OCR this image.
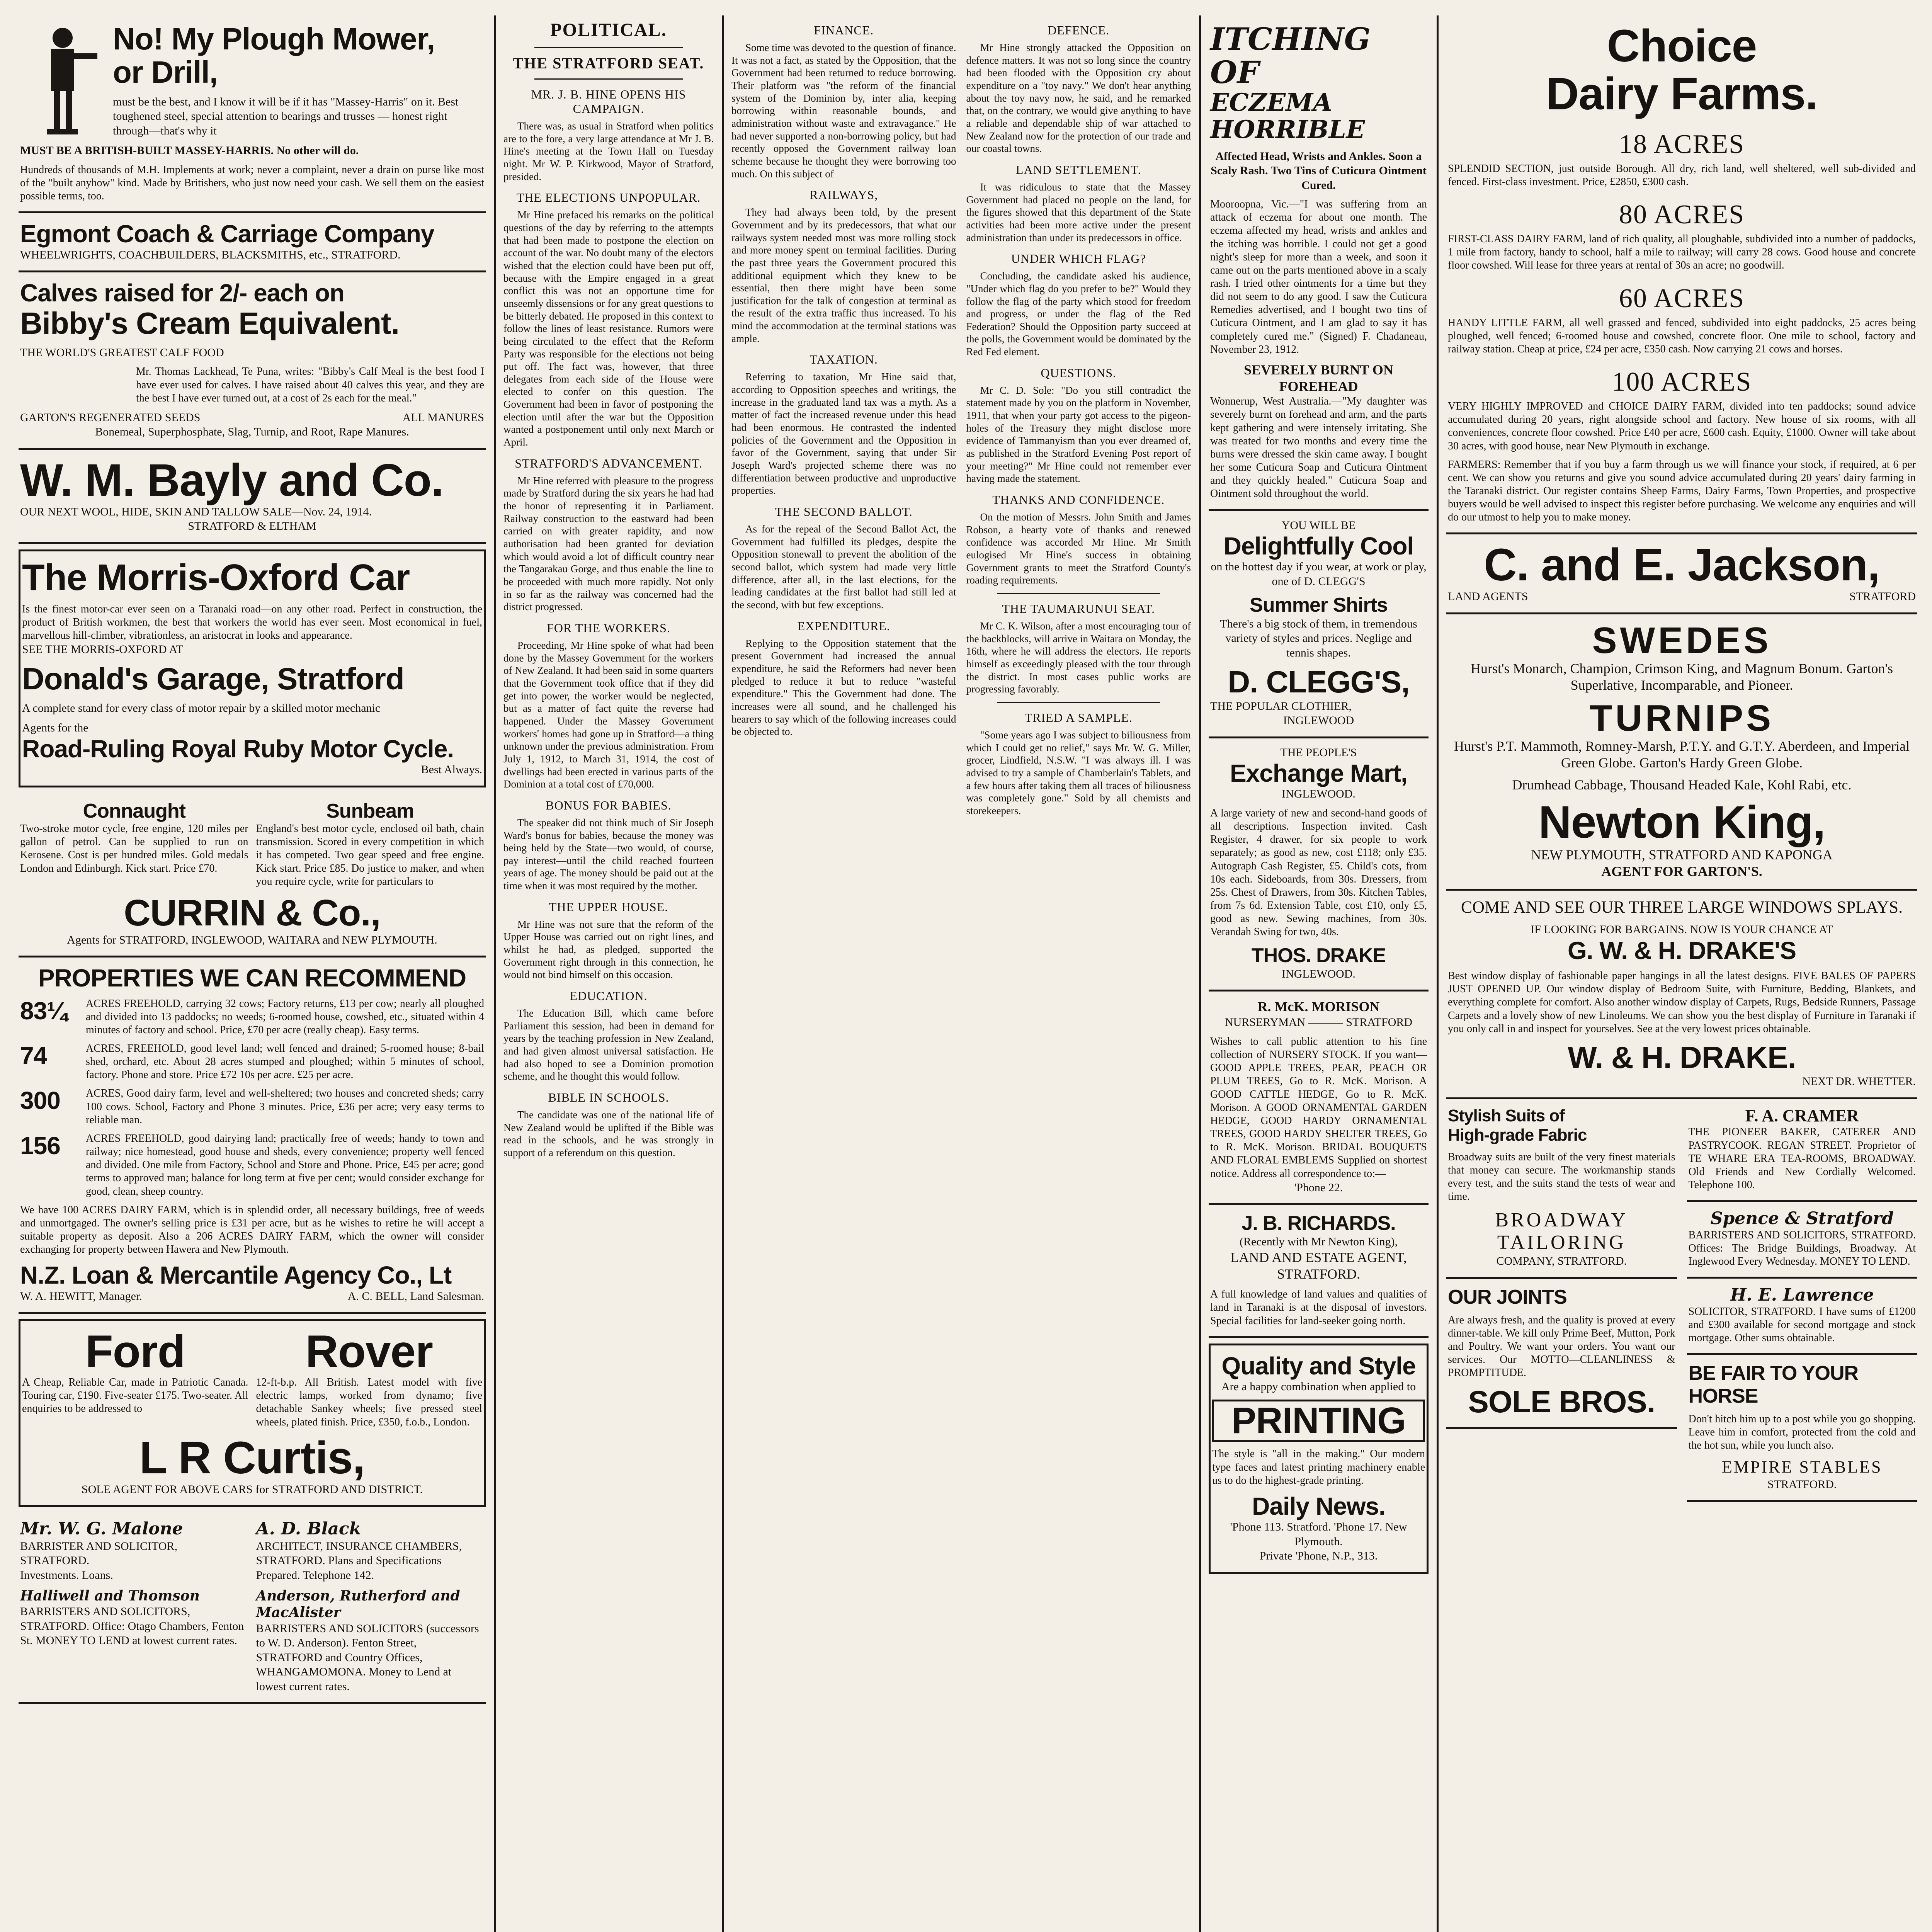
No! My Plough Mower,
or Drill,
must be the best, and I know it will be if it has "Massey-Harris" on it. Best toughened steel, special attention to bearings and trusses — honest right through—that's why it
MUST BE A BRITISH-BUILT MASSEY-HARRIS. No other will do.
Hundreds of thousands of M.H. Implements at work; never a complaint, never a drain on purse like most of the "built anyhow" kind. Made by Britishers, who just now need your cash. We sell them on the easiest possible terms, too.
Egmont Coach & Carriage Company
WHEELWRIGHTS, COACHBUILDERS, BLACKSMITHS, etc., STRATFORD.
Calves raised for 2/- each on
Bibby's Cream Equivalent.
THE WORLD'S GREATEST CALF FOOD
Mr. Thomas Lackhead, Te Puna, writes: "Bibby's Calf Meal is the best food I have ever used for calves. I have raised about 40 calves this year, and they are the best I have ever turned out, at a cost of 2s each for the meal."
GARTON'S REGENERATED SEEDS	ALL MANURES
Bonemeal, Superphosphate, Slag, Turnip, and Root, Rape Manures.
W. M. Bayly and Co.
OUR NEXT WOOL, HIDE, SKIN AND TALLOW SALE—Nov. 24, 1914.
STRATFORD & ELTHAM
The Morris-Oxford Car
Is the finest motor-car ever seen on a Taranaki road—on any other road. Perfect in construction, the product of British workmen, the best that workers the world has ever seen. Most economical in fuel, marvellous hill-climber, vibrationless, an aristocrat in looks and appearance.
SEE THE MORRIS-OXFORD AT
Donald's Garage, Stratford
A complete stand for every class of motor repair by a skilled motor mechanic
Agents for the
Road-Ruling Royal Ruby Motor Cycle.
Best Always.
Connaught
Two-stroke motor cycle, free engine, 120 miles per gallon of petrol. Can be supplied to run on Kerosene. Cost is per hundred miles. Gold medals London and Edinburgh. Kick start. Price £70.
Sunbeam
England's best motor cycle, enclosed oil bath, chain transmission. Scored in every competition in which it has competed. Two gear speed and free engine. Kick start. Price £85. Do justice to maker, and when you require cycle, write for particulars to
CURRIN & Co.,
Agents for STRATFORD, INGLEWOOD, WAITARA and NEW PLYMOUTH.
PROPERTIES WE CAN RECOMMEND
83¼	ACRES FREEHOLD, carrying 32 cows; Factory returns, £13 per cow; nearly all ploughed and divided into 13 paddocks; no weeds; 6-roomed house, cowshed, etc., situated within 4 minutes of factory and school. Price, £70 per acre (really cheap). Easy terms.
74	ACRES, FREEHOLD, good level land; well fenced and drained; 5-roomed house; 8-bail shed, orchard, etc. About 28 acres stumped and ploughed; within 5 minutes of school, factory. Phone and store. Price £72 10s per acre. £25 per acre.
300	ACRES, Good dairy farm, level and well-sheltered; two houses and concreted sheds; carry 100 cows. School, Factory and Phone 3 minutes. Price, £36 per acre; very easy terms to reliable man.
156	ACRES FREEHOLD, good dairying land; practically free of weeds; handy to town and railway; nice homestead, good house and sheds, every convenience; property well fenced and divided. One mile from Factory, School and Store and Phone. Price, £45 per acre; good terms to approved man; balance for long term at five per cent; would consider exchange for good, clean, sheep country.
We have 100 ACRES DAIRY FARM, which is in splendid order, all necessary buildings, free of weeds and unmortgaged. The owner's selling price is £31 per acre, but as he wishes to retire he will accept a suitable property as deposit. Also a 206 ACRES DAIRY FARM, which the owner will consider exchanging for property between Hawera and New Plymouth.
N.Z. Loan & Mercantile Agency Co., Lt
W. A. HEWITT, Manager.	A. C. BELL, Land Salesman.
Ford
A Cheap, Reliable Car, made in Patriotic Canada. Touring car, £190. Five-seater £175. Two-seater. All enquiries to be addressed to
Rover
12-ft-b.p. All British. Latest model with five electric lamps, worked from dynamo; five detachable Sankey wheels; five pressed steel wheels, plated finish. Price, £350, f.o.b., London.
L R Curtis,
SOLE AGENT FOR ABOVE CARS for STRATFORD AND DISTRICT.
Mr. W. G. Malone
BARRISTER AND SOLICITOR, STRATFORD.
Investments. Loans.
A. D. Black
ARCHITECT, INSURANCE CHAMBERS, STRATFORD. Plans and Specifications Prepared. Telephone 142.
Halliwell and Thomson
BARRISTERS AND SOLICITORS, STRATFORD. Office: Otago Chambers, Fenton St. MONEY TO LEND at lowest current rates.
Anderson, Rutherford and MacAlister
BARRISTERS AND SOLICITORS (successors to W. D. Anderson). Fenton Street, STRATFORD and Country Offices, WHANGAMOMONA. Money to Lend at lowest current rates.
POLITICAL.
THE STRATFORD SEAT.
MR. J. B. HINE OPENS HIS CAMPAIGN.

There was, as usual in Stratford when politics are to the fore, a very large attendance at Mr J. B. Hine's meeting at the Town Hall on Tuesday night. Mr W. P. Kirkwood, Mayor of Stratford, presided.

THE ELECTIONS UNPOPULAR.

Mr Hine prefaced his remarks on the political questions of the day by referring to the attempts that had been made to postpone the election on account of the war. No doubt many of the electors wished that the election could have been put off, because with the Empire engaged in a great conflict this was not an opportune time for unseemly dissensions or for any great questions to be bitterly debated. He proposed in this context to follow the lines of least resistance. Rumors were being circulated to the effect that the Reform Party was responsible for the elections not being put off. The fact was, however, that three delegates from each side of the House were elected to confer on this question. The Government had been in favor of postponing the election until after the war but the Opposition wanted a postponement until only next March or April.

STRATFORD'S ADVANCEMENT.

Mr Hine referred with pleasure to the progress made by Stratford during the six years he had had the honor of representing it in Parliament. Railway construction to the eastward had been carried on with greater rapidity, and now authorisation had been granted for deviation which would avoid a lot of difficult country near the Tangarakau Gorge, and thus enable the line to be proceeded with much more rapidly. Not only in so far as the railway was concerned had the district progressed.

FOR THE WORKERS.

Proceeding, Mr Hine spoke of what had been done by the Massey Government for the workers of New Zealand. It had been said in some quarters that the Government took office that if they did get into power, the worker would be neglected, but as a matter of fact quite the reverse had happened. Under the Massey Government workers' homes had gone up in Stratford—a thing unknown under the previous administration. From July 1, 1912, to March 31, 1914, the cost of dwellings had been erected in various parts of the Dominion at a total cost of £70,000.

BONUS FOR BABIES.

The speaker did not think much of Sir Joseph Ward's bonus for babies, because the money was being held by the State—two would, of course, pay interest—until the child reached fourteen years of age. The money should be paid out at the time when it was most required by the mother.

THE UPPER HOUSE.

Mr Hine was not sure that the reform of the Upper House was carried out on right lines, and whilst he had, as pledged, supported the Government right through in this connection, he would not bind himself on this occasion.

EDUCATION.

The Education Bill, which came before Parliament this session, had been in demand for years by the teaching profession in New Zealand, and had given almost universal satisfaction. He had also hoped to see a Dominion promotion scheme, and he thought this would follow.

BIBLE IN SCHOOLS.

The candidate was one of the national life of New Zealand would be uplifted if the Bible was read in the schools, and he was strongly in support of a referendum on this question.

FINANCE.

Some time was devoted to the question of finance. It was not a fact, as stated by the Opposition, that the Government had been returned to reduce borrowing. Their platform was "the reform of the financial system of the Dominion by, inter alia, keeping borrowing within reasonable bounds, and administration without waste and extravagance." He had never supported a non-borrowing policy, but had recently opposed the Government railway loan scheme because he thought they were borrowing too much. On this subject of

RAILWAYS,

They had always been told, by the present Government and by its predecessors, that what our railways system needed most was more rolling stock and more money spent on terminal facilities. During the past three years the Government procured this additional equipment which they knew to be essential, then there might have been some justification for the talk of congestion at terminal as the result of the extra traffic thus increased. To his mind the accommodation at the terminal stations was ample.

TAXATION.

Referring to taxation, Mr Hine said that, according to Opposition speeches and writings, the increase in the graduated land tax was a myth. As a matter of fact the increased revenue under this head had been enormous. He contrasted the indented policies of the Government and the Opposition in favor of the Government, saying that under Sir Joseph Ward's projected scheme there was no differentiation between productive and unproductive properties.

THE SECOND BALLOT.

As for the repeal of the Second Ballot Act, the Government had fulfilled its pledges, despite the Opposition stonewall to prevent the abolition of the second ballot, which system had made very little difference, after all, in the last elections, for the leading candidates at the first ballot had still led at the second, with but few exceptions.

EXPENDITURE.

Replying to the Opposition statement that the present Government had increased the annual expenditure, he said the Reformers had never been pledged to reduce it but to reduce "wasteful expenditure." This the Government had done. The increases were all sound, and he challenged his hearers to say which of the following increases could be objected to.

DEFENCE.

Mr Hine strongly attacked the Opposition on defence matters. It was not so long since the country had been flooded with the Opposition cry about expenditure on a "toy navy." We don't hear anything about the toy navy now, he said, and he remarked that, on the contrary, we would give anything to have a reliable and dependable ship of war attached to New Zealand now for the protection of our trade and our coastal towns.

LAND SETTLEMENT.

It was ridiculous to state that the Massey Government had placed no people on the land, for the figures showed that this department of the State activities had been more active under the present administration than under its predecessors in office.

UNDER WHICH FLAG?

Concluding, the candidate asked his audience, "Under which flag do you prefer to be?" Would they follow the flag of the party which stood for freedom and progress, or under the flag of the Red Federation? Should the Opposition party succeed at the polls, the Government would be dominated by the Red Fed element.

QUESTIONS.

Mr C. D. Sole: "Do you still contradict the statement made by you on the platform in November, 1911, that when your party got access to the pigeon-holes of the Treasury they might disclose more evidence of Tammanyism than you ever dreamed of, as published in the Stratford Evening Post report of your meeting?" Mr Hine could not remember ever having made the statement.

THANKS AND CONFIDENCE.

On the motion of Messrs. John Smith and James Robson, a hearty vote of thanks and renewed confidence was accorded Mr Hine. Mr Smith eulogised Mr Hine's success in obtaining Government grants to meet the Stratford County's roading requirements.

THE TAUMARUNUI SEAT.

Mr C. K. Wilson, after a most encouraging tour of the backblocks, will arrive in Waitara on Monday, the 16th, where he will address the electors. He reports himself as exceedingly pleased with the tour through the district. In most cases public works are progressing favorably.

TRIED A SAMPLE.

"Some years ago I was subject to biliousness from which I could get no relief," says Mr. W. G. Miller, grocer, Lindfield, N.S.W. "I was always ill. I was advised to try a sample of Chamberlain's Tablets, and a few hours after taking them all traces of biliousness was completely gone." Sold by all chemists and storekeepers.

ITCHING OF
ECZEMA HORRIBLE
Affected Head, Wrists and Ankles. Soon a Scaly Rash. Two Tins of Cuticura Ointment Cured.
Mooroopna, Vic.—"I was suffering from an attack of eczema for about one month. The eczema affected my head, wrists and ankles and the itching was horrible. I could not get a good night's sleep for more than a week, and soon it came out on the parts mentioned above in a scaly rash. I tried other ointments for a time but they did not seem to do any good. I saw the Cuticura Remedies advertised, and I bought two tins of Cuticura Ointment, and I am glad to say it has completely cured me." (Signed) F. Chadaneau, November 23, 1912.
SEVERELY BURNT ON FOREHEAD
Wonnerup, West Australia.—"My daughter was severely burnt on forehead and arm, and the parts kept gathering and were intensely irritating. She was treated for two months and every time the burns were dressed the skin came away. I bought her some Cuticura Soap and Cuticura Ointment and they quickly healed." Cuticura Soap and Ointment sold throughout the world.
YOU WILL BE
Delightfully Cool
on the hottest day if you wear, at work or play, one of D. CLEGG'S
Summer Shirts
There's a big stock of them, in tremendous variety of styles and prices. Neglige and tennis shapes.
D. CLEGG'S,
THE POPULAR CLOTHIER,
INGLEWOOD
THE PEOPLE'S
Exchange Mart,
INGLEWOOD.
A large variety of new and second-hand goods of all descriptions. Inspection invited. Cash Register, 4 drawer, for six people to work separately; as good as new, cost £118; only £35. Autograph Cash Register, £5. Child's cots, from 10s each. Sideboards, from 30s. Dressers, from 25s. Chest of Drawers, from 30s. Kitchen Tables, from 7s 6d. Extension Table, cost £10, only £5, good as new. Sewing machines, from 30s. Verandah Swing for two, 40s.
THOS. DRAKE
INGLEWOOD.
R. McK. MORISON
NURSERYMAN ——— STRATFORD
Wishes to call public attention to his fine collection of NURSERY STOCK. If you want— GOOD APPLE TREES, PEAR, PEACH OR PLUM TREES, Go to R. McK. Morison. A GOOD CATTLE HEDGE, Go to R. McK. Morison. A GOOD ORNAMENTAL GARDEN HEDGE, GOOD HARDY ORNAMENTAL TREES, GOOD HARDY SHELTER TREES, Go to R. McK. Morison. BRIDAL BOUQUETS AND FLORAL EMBLEMS Supplied on shortest notice. Address all correspondence to:—
'Phone 22.
J. B. RICHARDS.
(Recently with Mr Newton King),
LAND AND ESTATE AGENT, STRATFORD.
A full knowledge of land values and qualities of land in Taranaki is at the disposal of investors. Special facilities for land-seeker going north.
Quality and Style
Are a happy combination when applied to
PRINTING
The style is "all in the making." Our modern type faces and latest printing machinery enable us to do the highest-grade printing.
Daily News.
'Phone 113. Stratford. 'Phone 17. New Plymouth.
Private 'Phone, N.P., 313.
Choice
Dairy Farms.
18 ACRES
SPLENDID SECTION, just outside Borough. All dry, rich land, well sheltered, well sub-divided and fenced. First-class investment. Price, £2850, £300 cash.
80 ACRES
FIRST-CLASS DAIRY FARM, land of rich quality, all ploughable, subdivided into a number of paddocks, 1 mile from factory, handy to school, half a mile to railway; will carry 28 cows. Good house and concrete floor cowshed. Will lease for three years at rental of 30s an acre; no goodwill.
60 ACRES
HANDY LITTLE FARM, all well grassed and fenced, subdivided into eight paddocks, 25 acres being ploughed, well fenced; 6-roomed house and cowshed, concrete floor. One mile to school, factory and railway station. Cheap at price, £24 per acre, £350 cash. Now carrying 21 cows and horses.
100 ACRES
VERY HIGHLY IMPROVED and CHOICE DAIRY FARM, divided into ten paddocks; sound advice accumulated during 20 years, right alongside school and factory. New house of six rooms, with all conveniences, concrete floor cowshed. Price £40 per acre, £600 cash. Equity, £1000. Owner will take about 30 acres, with good house, near New Plymouth in exchange.
FARMERS: Remember that if you buy a farm through us we will finance your stock, if required, at 6 per cent. We can show you returns and give you sound advice accumulated during 20 years' dairy farming in the Taranaki district. Our register contains Sheep Farms, Dairy Farms, Town Properties, and prospective buyers would be well advised to inspect this register before purchasing. We welcome any enquiries and will do our utmost to help you to make money.
C. and E. Jackson,
LAND AGENTS	STRATFORD
SWEDES
Hurst's Monarch, Champion, Crimson King, and Magnum Bonum. Garton's Superlative, Incomparable, and Pioneer.
TURNIPS
Hurst's P.T. Mammoth, Romney-Marsh, P.T.Y. and G.T.Y. Aberdeen, and Imperial Green Globe. Garton's Hardy Green Globe.
Drumhead Cabbage, Thousand Headed Kale, Kohl Rabi, etc.
Newton King,
NEW PLYMOUTH, STRATFORD AND KAPONGA
AGENT FOR GARTON'S.
COME AND SEE OUR THREE LARGE WINDOWS SPLAYS.
IF LOOKING FOR BARGAINS. NOW IS YOUR CHANCE AT
G. W. & H. DRAKE'S
Best window display of fashionable paper hangings in all the latest designs. FIVE BALES OF PAPERS JUST OPENED UP. Our window display of Bedroom Suite, with Furniture, Bedding, Blankets, and everything complete for comfort. Also another window display of Carpets, Rugs, Bedside Runners, Passage Carpets and a lovely show of new Linoleums. We can show you the best display of Furniture in Taranaki if you only call in and inspect for yourselves. See at the very lowest prices obtainable.
W. & H. DRAKE.
NEXT DR. WHETTER.
Stylish Suits of
High-grade Fabric
Broadway suits are built of the very finest materials that money can secure. The workmanship stands every test, and the suits stand the tests of wear and time.
BROADWAY TAILORING
COMPANY, STRATFORD.
OUR JOINTS
Are always fresh, and the quality is proved at every dinner-table. We kill only Prime Beef, Mutton, Pork and Poultry. We want your orders. You want our services. Our MOTTO—CLEANLINESS & PROMPTITUDE.
SOLE BROS.
F. A. CRAMER
THE PIONEER BAKER, CATERER AND PASTRYCOOK. REGAN STREET. Proprietor of TE WHARE ERA TEA-ROOMS, BROADWAY. Old Friends and New Cordially Welcomed. Telephone 100.
Spence & Stratford
BARRISTERS AND SOLICITORS, STRATFORD. Offices: The Bridge Buildings, Broadway. At Inglewood Every Wednesday. MONEY TO LEND.
H. E. Lawrence
SOLICITOR, STRATFORD. I have sums of £1200 and £300 available for second mortgage and stock mortgage. Other sums obtainable.
BE FAIR TO YOUR HORSE
Don't hitch him up to a post while you go shopping. Leave him in comfort, protected from the cold and the hot sun, while you lunch also.
EMPIRE STABLES
STRATFORD.
